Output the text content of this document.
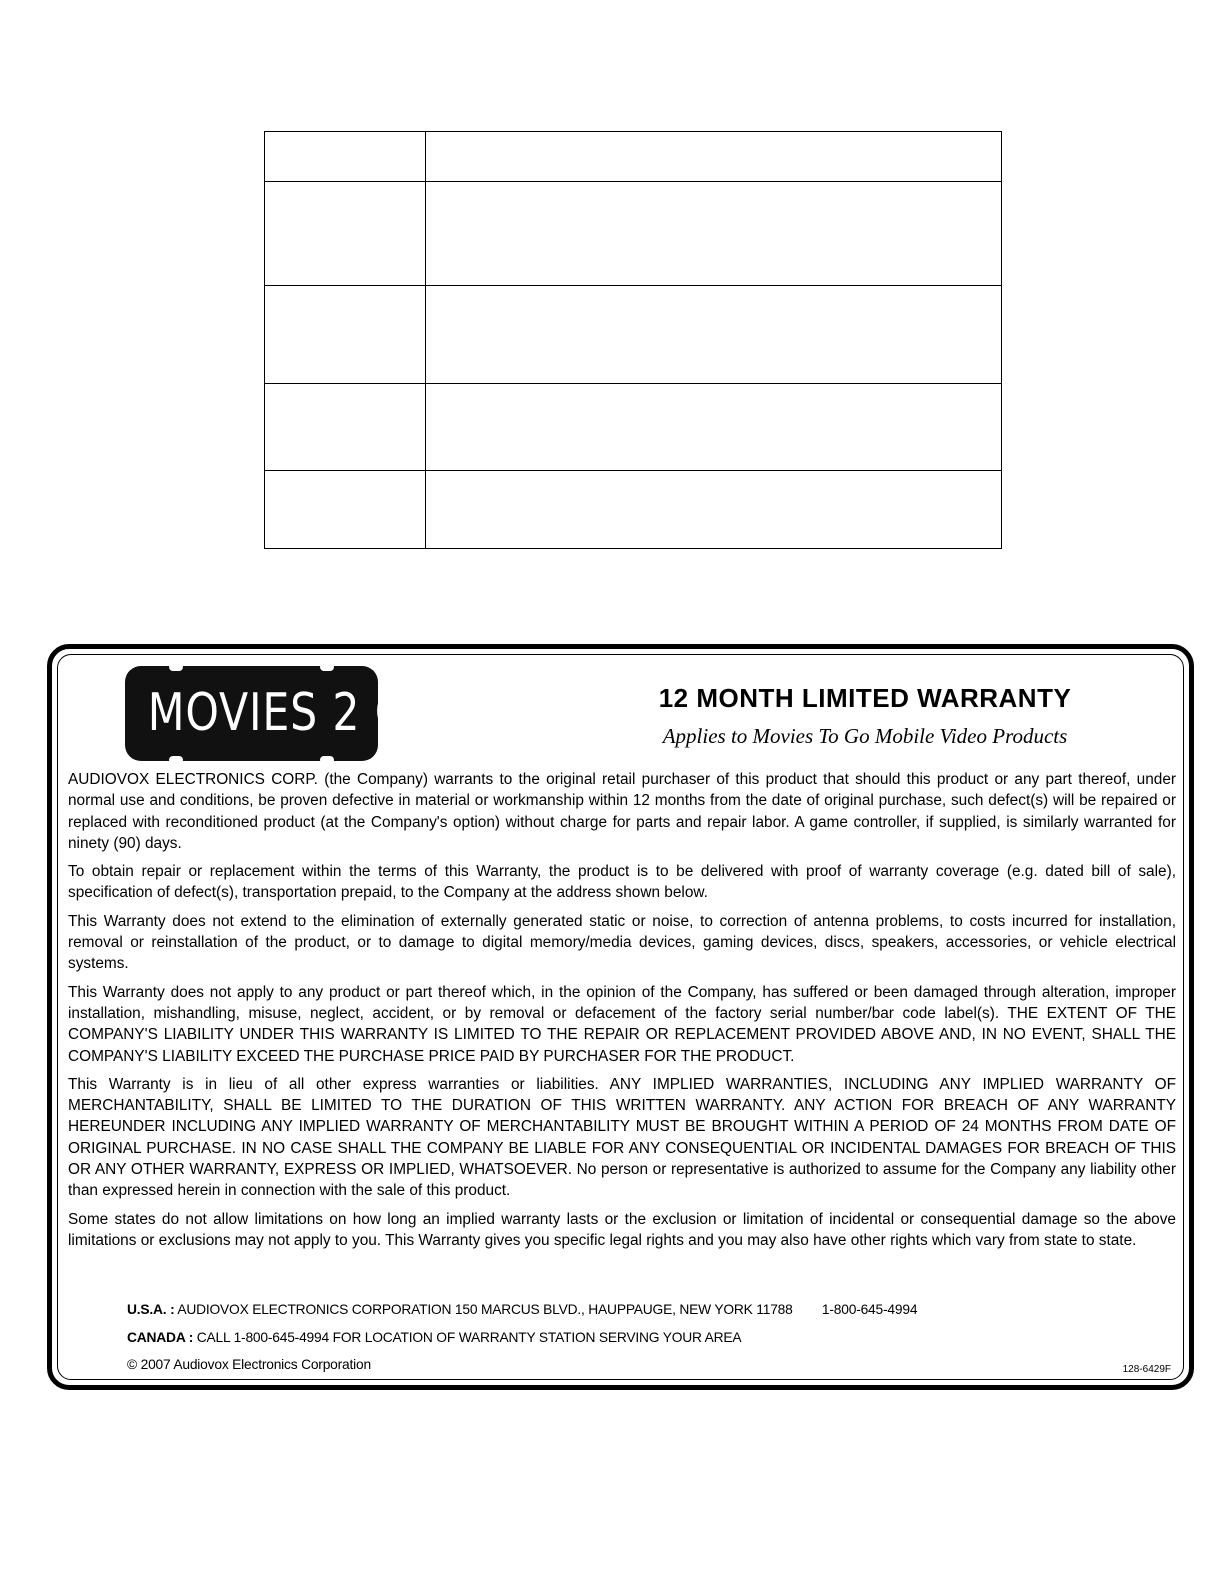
MOVIES 2 GO	12 MONTH LIMITED WARRANTY
Applies to Movies To Go Mobile Video Products

AUDIOVOX ELECTRONICS CORP. (the Company) warrants to the original retail purchaser of this product that should this product or any part thereof, under normal use and conditions, be proven defective in material or workmanship within 12 months from the date of original purchase, such defect(s) will be repaired or replaced with reconditioned product (at the Company's option) without charge for parts and repair labor. A game controller, if supplied, is similarly warranted for ninety (90) days.

To obtain repair or replacement within the terms of this Warranty, the product is to be delivered with proof of warranty coverage (e.g. dated bill of sale), specification of defect(s), transportation prepaid, to the Company at the address shown below.

This Warranty does not extend to the elimination of externally generated static or noise, to correction of antenna problems, to costs incurred for installation, removal or reinstallation of the product, or to damage to digital memory/media devices, gaming devices, discs, speakers, accessories, or vehicle electrical systems.

This Warranty does not apply to any product or part thereof which, in the opinion of the Company, has suffered or been damaged through alteration, improper installation, mishandling, misuse, neglect, accident, or by removal or defacement of the factory serial number/bar code label(s). THE EXTENT OF THE COMPANY'S LIABILITY UNDER THIS WARRANTY IS LIMITED TO THE REPAIR OR REPLACEMENT PROVIDED ABOVE AND, IN NO EVENT, SHALL THE COMPANY'S LIABILITY EXCEED THE PURCHASE PRICE PAID BY PURCHASER FOR THE PRODUCT.

This Warranty is in lieu of all other express warranties or liabilities. ANY IMPLIED WARRANTIES, INCLUDING ANY IMPLIED WARRANTY OF MERCHANTABILITY, SHALL BE LIMITED TO THE DURATION OF THIS WRITTEN WARRANTY. ANY ACTION FOR BREACH OF ANY WARRANTY HEREUNDER INCLUDING ANY IMPLIED WARRANTY OF MERCHANTABILITY MUST BE BROUGHT WITHIN A PERIOD OF 24 MONTHS FROM DATE OF ORIGINAL PURCHASE. IN NO CASE SHALL THE COMPANY BE LIABLE FOR ANY CONSEQUENTIAL OR INCIDENTAL DAMAGES FOR BREACH OF THIS OR ANY OTHER WARRANTY, EXPRESS OR IMPLIED, WHATSOEVER. No person or representative is authorized to assume for the Company any liability other than expressed herein in connection with the sale of this product.

Some states do not allow limitations on how long an implied warranty lasts or the exclusion or limitation of incidental or consequential damage so the above limitations or exclusions may not apply to you. This Warranty gives you specific legal rights and you may also have other rights which vary from state to state.

U.S.A. : AUDIOVOX ELECTRONICS CORPORATION 150 MARCUS BLVD., HAUPPAUGE, NEW YORK 11788 1-800-645-4994
CANADA : CALL 1-800-645-4994 FOR LOCATION OF WARRANTY STATION SERVING YOUR AREA
© 2007 Audiovox Electronics Corporation	128-6429F
